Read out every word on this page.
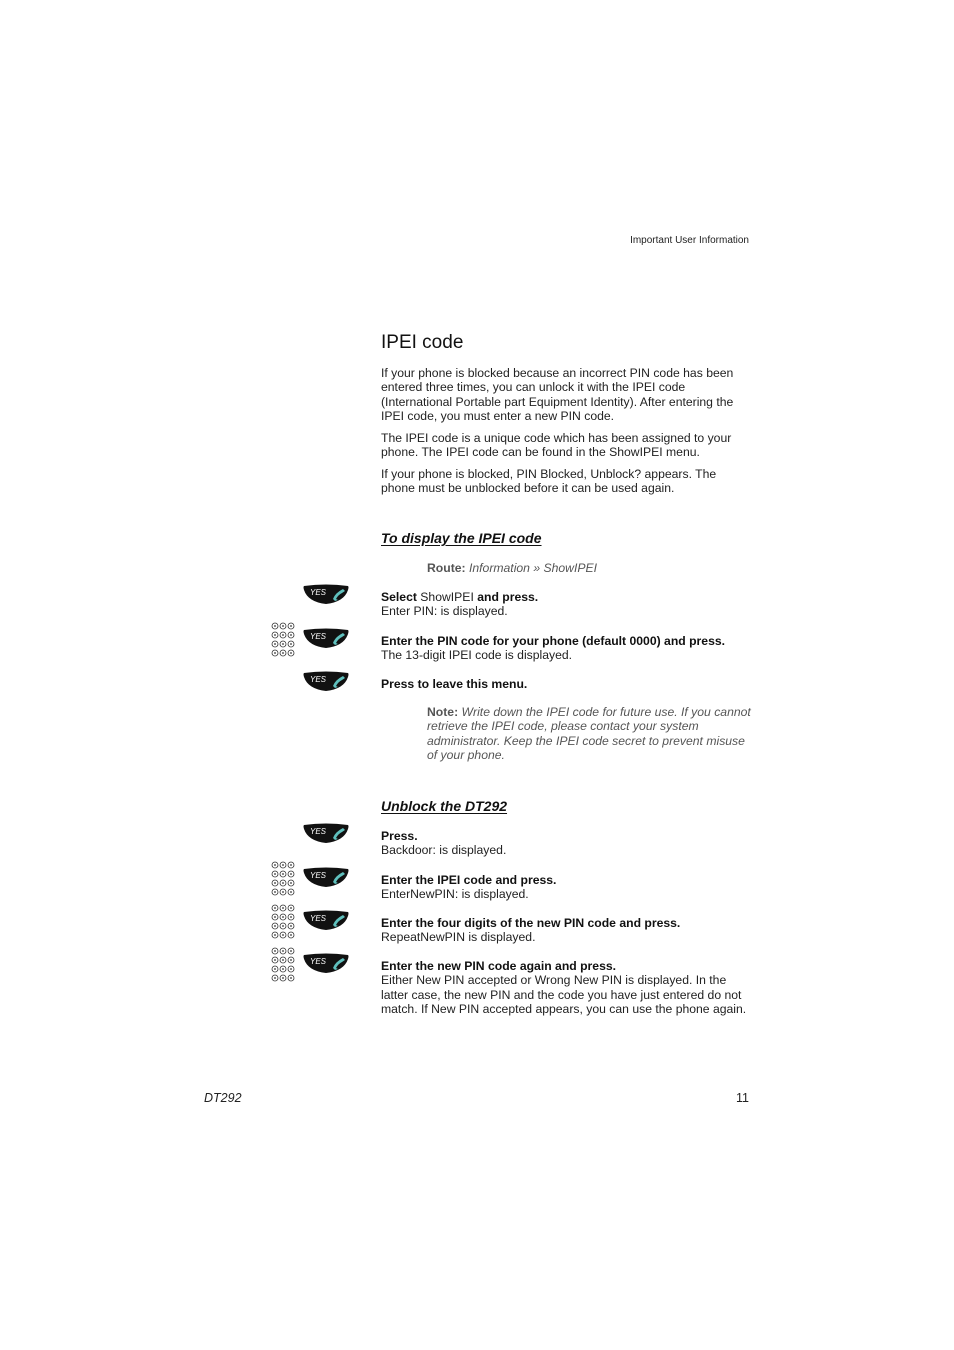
Important User Information
IPEI code

If your phone is blocked because an incorrect PIN code has been entered three times, you can unlock it with the IPEI code (International Portable part Equipment Identity). After entering the IPEI code, you must enter a new PIN code.

The IPEI code is a unique code which has been assigned to your phone. The IPEI code can be found in the ShowIPEI menu.

If your phone is blocked, PIN Blocked, Unblock? appears. The phone must be unblocked before it can be used again.

To display the IPEI code
Route: Information » ShowIPEI
YES	Select ShowIPEI and press.
Enter PIN: is displayed.
YES	Enter the PIN code for your phone (default 0000) and press.
The 13-digit IPEI code is displayed.
YES	Press to leave this menu.
Note: Write down the IPEI code for future use. If you cannot retrieve the IPEI code, please contact your system administrator. Keep the IPEI code secret to prevent misuse of your phone.
Unblock the DT292
YES	Press.
Backdoor: is displayed.
YES	Enter the IPEI code and press.
EnterNewPIN: is displayed.
YES	Enter the four digits of the new PIN code and press.
RepeatNewPIN is displayed.
YES	Enter the new PIN code again and press.
Either New PIN accepted or Wrong New PIN is displayed. In the latter case, the new PIN and the code you have just entered do not match. If New PIN accepted appears, you can use the phone again.
DT292	11
